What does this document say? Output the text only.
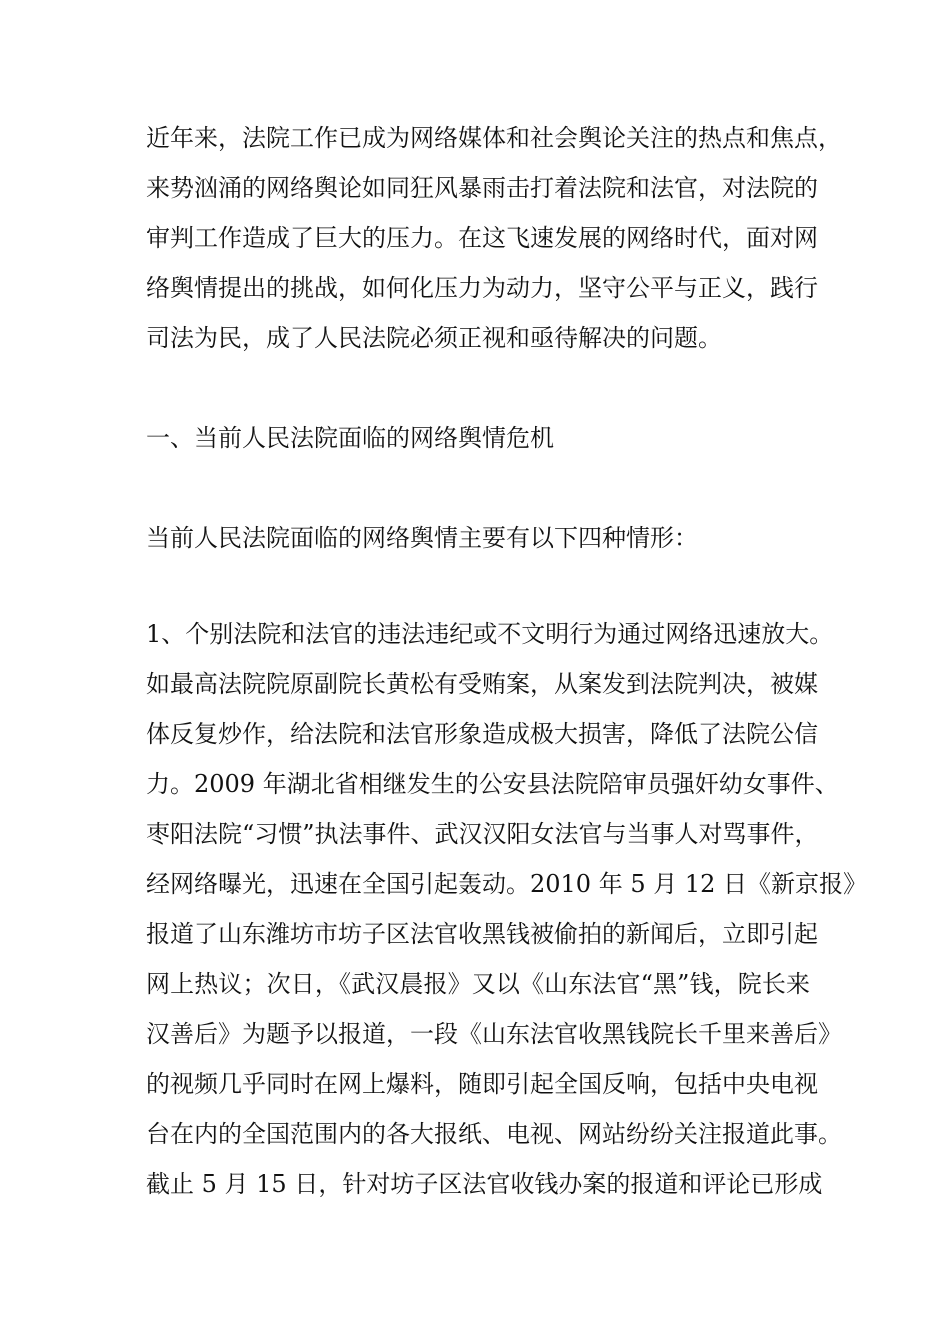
近年来，法院工作已成为网络媒体和社会舆论关注的热点和焦点，
来势汹涌的网络舆论如同狂风暴雨击打着法院和法官，对法院的
审判工作造成了巨大的压力。在这飞速发展的网络时代，面对网
络舆情提出的挑战，如何化压力为动力，坚守公平与正义，践行
司法为民，成了人民法院必须正视和亟待解决的问题。
一、当前人民法院面临的网络舆情危机
当前人民法院面临的网络舆情主要有以下四种情形：
1、个别法院和法官的违法违纪或不文明行为通过网络迅速放大。
如最高法院院原副院长黄松有受贿案，从案发到法院判决，被媒
体反复炒作，给法院和法官形象造成极大损害，降低了法院公信
力。2009 年湖北省相继发生的公安县法院陪审员强奸幼女事件、
枣阳法院“习惯”执法事件、武汉汉阳女法官与当事人对骂事件，
经网络曝光，迅速在全国引起轰动。2010 年 5 月 12 日《新京报》
报道了山东潍坊市坊子区法官收黑钱被偷拍的新闻后，立即引起
网上热议；次日，《武汉晨报》又以《山东法官“黑”钱，院长来
汉善后》为题予以报道，一段《山东法官收黑钱院长千里来善后》
的视频几乎同时在网上爆料，随即引起全国反响，包括中央电视
台在内的全国范围内的各大报纸、电视、网站纷纷关注报道此事。
截止 5 月 15 日，针对坊子区法官收钱办案的报道和评论已形成
